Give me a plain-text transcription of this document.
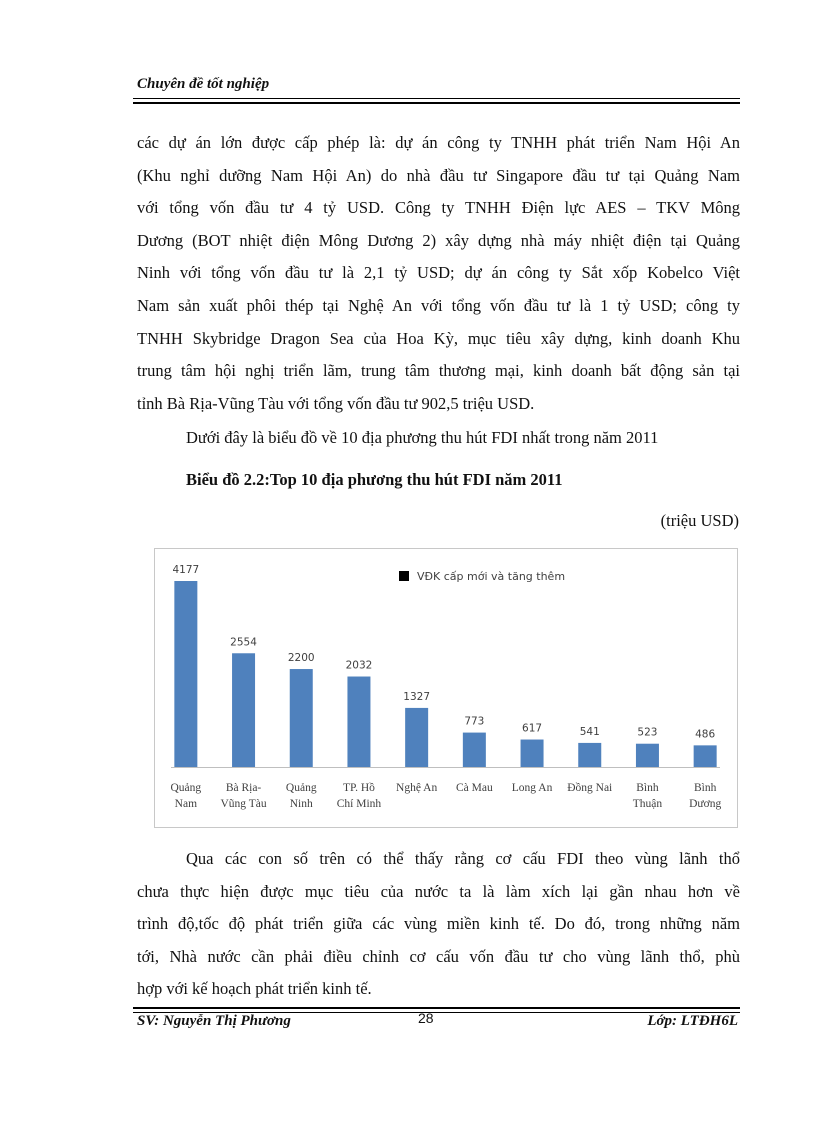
Chuyên đề tốt nghiệp
các dự án lớn được cấp phép là: dự án công ty TNHH phát triển Nam Hội An
(Khu nghỉ dưỡng Nam Hội An) do nhà đầu tư Singapore đầu tư tại Quảng Nam
với tổng vốn đầu tư 4 tỷ USD. Công ty TNHH Điện lực AES – TKV Mông
Dương (BOT nhiệt điện Mông Dương 2) xây dựng nhà máy nhiệt điện tại Quảng
Ninh với tổng vốn đầu tư là 2,1 tỷ USD; dự án công ty Sắt xốp Kobelco Việt
Nam sản xuất phôi thép tại Nghệ An với tổng vốn đầu tư là 1 tỷ USD; công ty
TNHH Skybridge Dragon Sea của Hoa Kỳ, mục tiêu xây dựng, kinh doanh Khu
trung tâm hội nghị triển lãm, trung tâm thương mại, kinh doanh bất động sản tại
tỉnh Bà Rịa-Vũng Tàu với tổng vốn đầu tư 902,5 triệu USD.
Dưới đây là biểu đồ về 10 địa phương thu hút FDI nhất trong năm 2011
Biểu đồ 2.2:Top 10 địa phương thu hút FDI năm 2011
(triệu USD)
4177
Quảng
Nam
2554
Bà Rịa-
Vũng Tàu
2200
Quảng
Ninh
2032
TP. Hồ
Chí Minh
1327
Nghệ An
773
Cà Mau
617
Long An
541
Đồng Nai
523
Bình
Thuận
486
Bình
Dương
VĐK cấp mới và tăng thêm
Qua các con số trên có thể thấy rằng cơ cấu FDI theo vùng lãnh thổ
chưa thực hiện được mục tiêu của nước ta là làm xích lại gần nhau hơn về
trình độ,tốc độ phát triển giữa các vùng miền kinh tế. Do đó, trong những năm
tới, Nhà nước cần phải điều chỉnh cơ cấu vốn đầu tư cho vùng lãnh thổ, phù
hợp với kế hoạch phát triển kinh tế.
SV: Nguyễn Thị Phương	28	Lớp: LTĐH6L
